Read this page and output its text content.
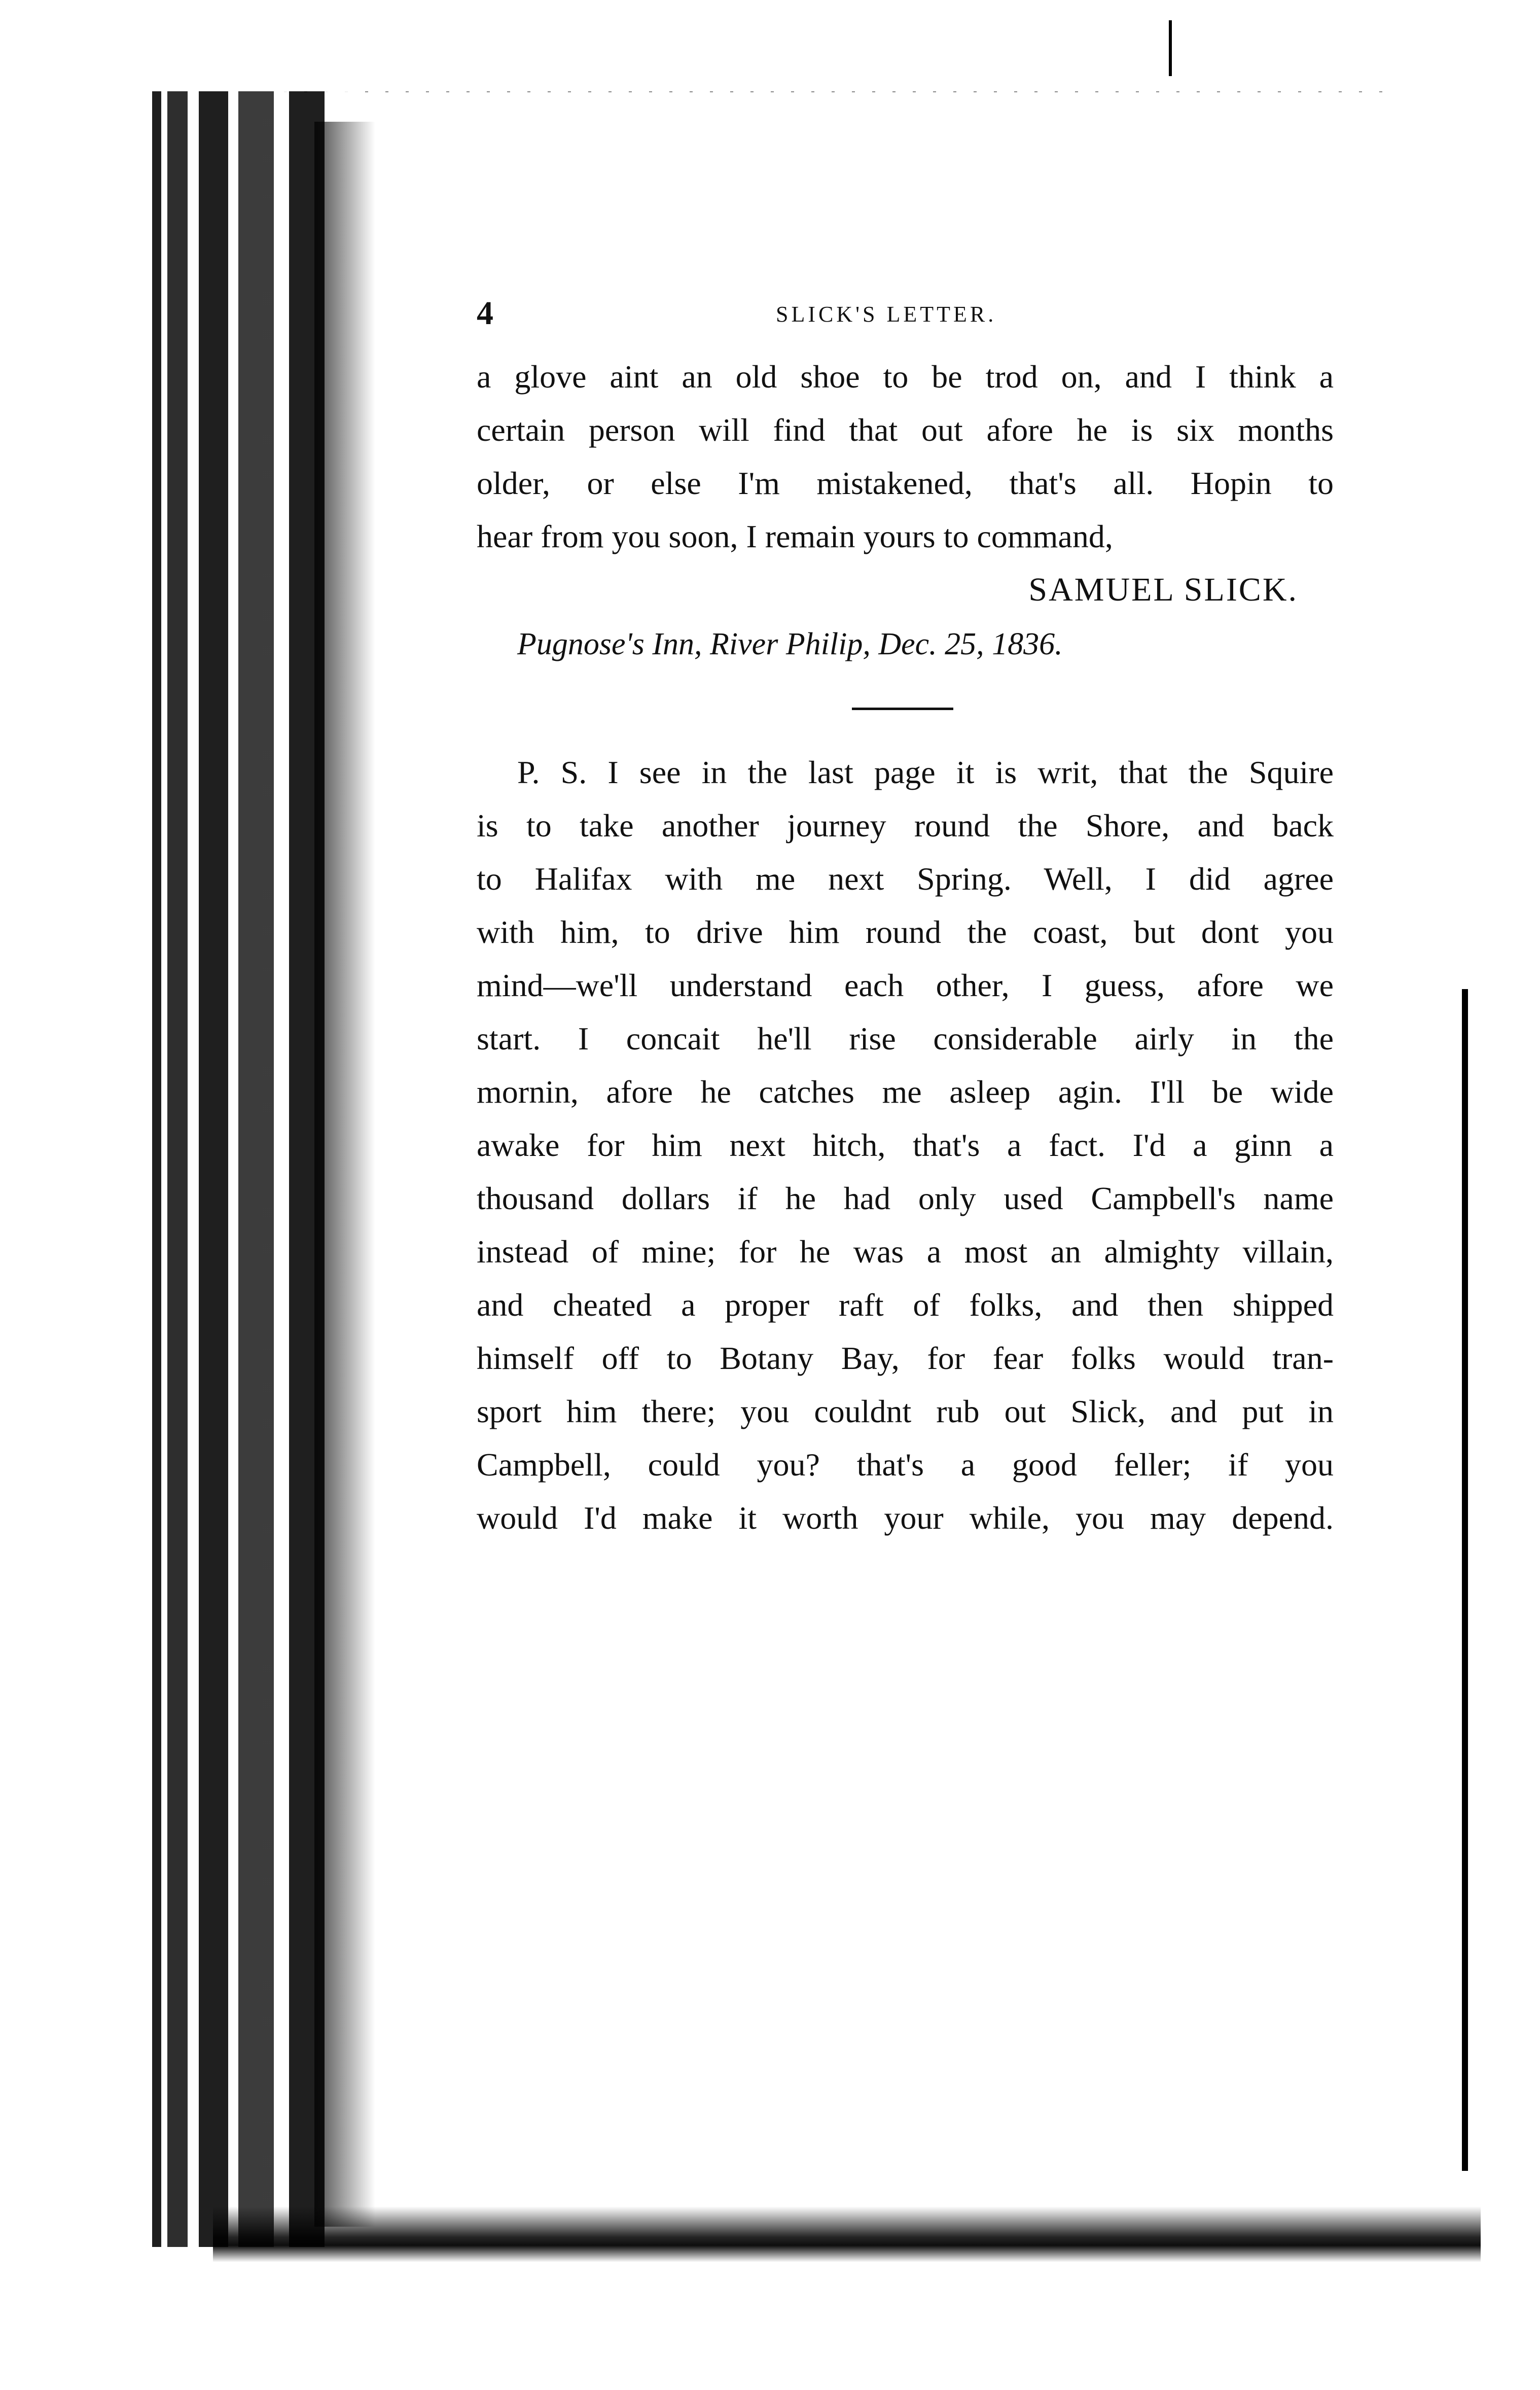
4	SLICK'S LETTER.
a glove aint an old shoe to be trod on, and I think a
certain person will find that out afore he is six months
older, or else I'm mistakened, that's all. Hopin to
hear from you soon, I remain yours to command,
SAMUEL SLICK.
Pugnose's Inn, River Philip, Dec. 25, 1836.
P. S. I see in the last page it is writ, that the Squire
is to take another journey round the Shore, and back
to Halifax with me next Spring. Well, I did agree
with him, to drive him round the coast, but dont you
mind—we'll understand each other, I guess, afore we
start. I concait he'll rise considerable airly in the
mornin, afore he catches me asleep agin. I'll be wide
awake for him next hitch, that's a fact. I'd a ginn a
thousand dollars if he had only used Campbell's name
instead of mine; for he was a most an almighty villain,
and cheated a proper raft of folks, and then shipped
himself off to Botany Bay, for fear folks would tran-
sport him there; you couldnt rub out Slick, and put in
Campbell, could you? that's a good feller; if you
would I'd make it worth your while, you may depend.
